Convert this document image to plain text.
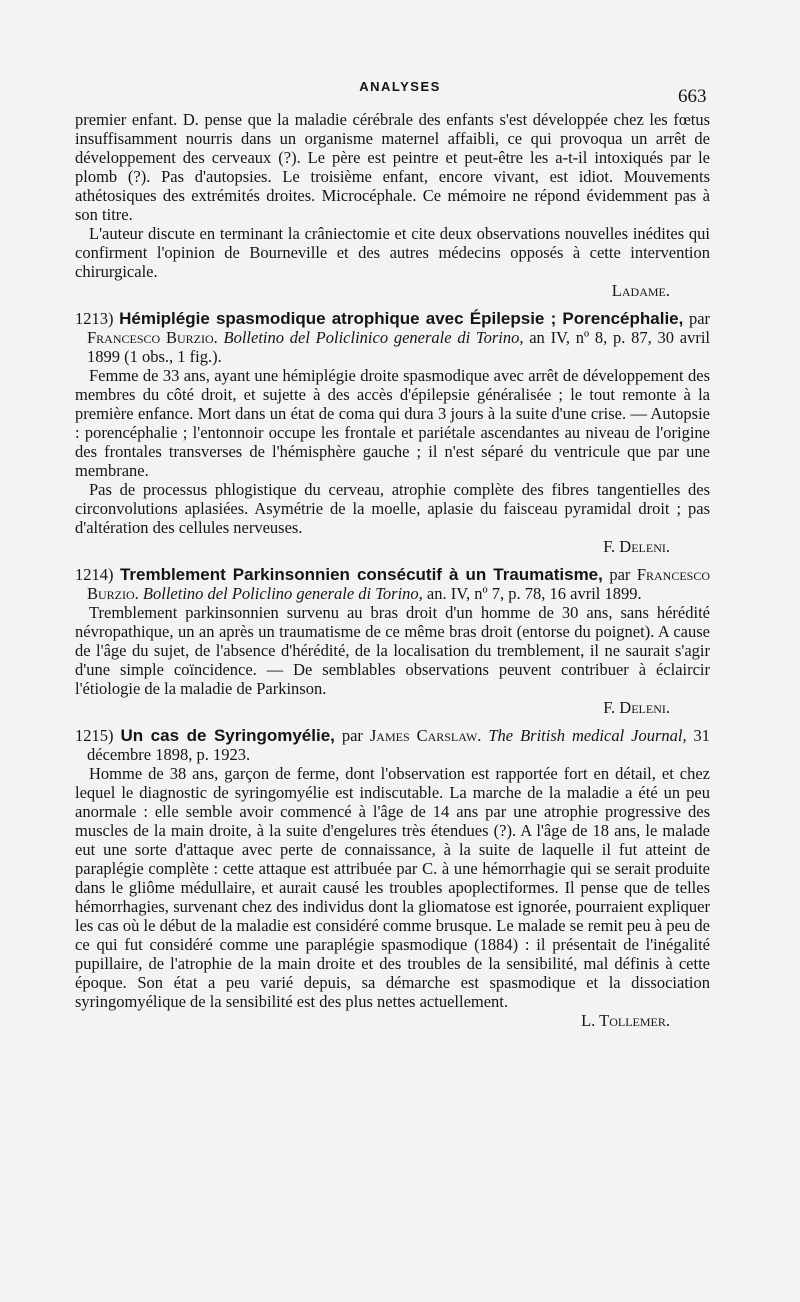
ANALYSES	663

premier enfant. D. pense que la maladie cérébrale des enfants s'est développée chez les fœtus insuffisamment nourris dans un organisme maternel affaibli, ce qui provoqua un arrêt de développement des cerveaux (?). Le père est peintre et peut-être les a-t-il intoxiqués par le plomb (?). Pas d'autopsies. Le troisième enfant, encore vivant, est idiot. Mouvements athétosiques des extrémités droites. Microcéphale. Ce mémoire ne répond évidemment pas à son titre.

L'auteur discute en terminant la crâniectomie et cite deux observations nouvelles inédites qui confirment l'opinion de Bourneville et des autres médecins opposés à cette intervention chirurgicale.

Ladame.

1213) Hémiplégie spasmodique atrophique avec Épilepsie ; Porencéphalie, par Francesco Burzio. Bolletino del Policlinico generale di Torino, an IV, nº 8, p. 87, 30 avril 1899 (1 obs., 1 fig.).

Femme de 33 ans, ayant une hémiplégie droite spasmodique avec arrêt de développement des membres du côté droit, et sujette à des accès d'épilepsie généralisée ; le tout remonte à la première enfance. Mort dans un état de coma qui dura 3 jours à la suite d'une crise. — Autopsie : porencéphalie ; l'entonnoir occupe les frontale et pariétale ascendantes au niveau de l'origine des frontales transverses de l'hémisphère gauche ; il n'est séparé du ventricule que par une membrane.

Pas de processus phlogistique du cerveau, atrophie complète des fibres tangentielles des circonvolutions aplasiées. Asymétrie de la moelle, aplasie du faisceau pyramidal droit ; pas d'altération des cellules nerveuses.

F. Deleni.

1214) Tremblement Parkinsonnien consécutif à un Traumatisme, par Francesco Burzio. Bolletino del Policlino generale di Torino, an. IV, nº 7, p. 78, 16 avril 1899.

Tremblement parkinsonnien survenu au bras droit d'un homme de 30 ans, sans hérédité névropathique, un an après un traumatisme de ce même bras droit (entorse du poignet). A cause de l'âge du sujet, de l'absence d'hérédité, de la localisation du tremblement, il ne saurait s'agir d'une simple coïncidence. — De semblables observations peuvent contribuer à éclaircir l'étiologie de la maladie de Parkinson.

F. Deleni.

1215) Un cas de Syringomyélie, par James Carslaw. The British medical Journal, 31 décembre 1898, p. 1923.

Homme de 38 ans, garçon de ferme, dont l'observation est rapportée fort en détail, et chez lequel le diagnostic de syringomyélie est indiscutable. La marche de la maladie a été un peu anormale : elle semble avoir commencé à l'âge de 14 ans par une atrophie progressive des muscles de la main droite, à la suite d'engelures très étendues (?). A l'âge de 18 ans, le malade eut une sorte d'attaque avec perte de connaissance, à la suite de laquelle il fut atteint de paraplégie complète : cette attaque est attribuée par C. à une hémorrhagie qui se serait produite dans le gliôme médullaire, et aurait causé les troubles apoplectiformes. Il pense que de telles hémorrhagies, survenant chez des individus dont la gliomatose est ignorée, pourraient expliquer les cas où le début de la maladie est considéré comme brusque. Le malade se remit peu à peu de ce qui fut considéré comme une paraplégie spasmodique (1884) : il présentait de l'inégalité pupillaire, de l'atrophie de la main droite et des troubles de la sensibilité, mal définis à cette époque. Son état a peu varié depuis, sa démarche est spasmodique et la dissociation syringomyélique de la sensibilité est des plus nettes actuellement.

L. Tollemer.
